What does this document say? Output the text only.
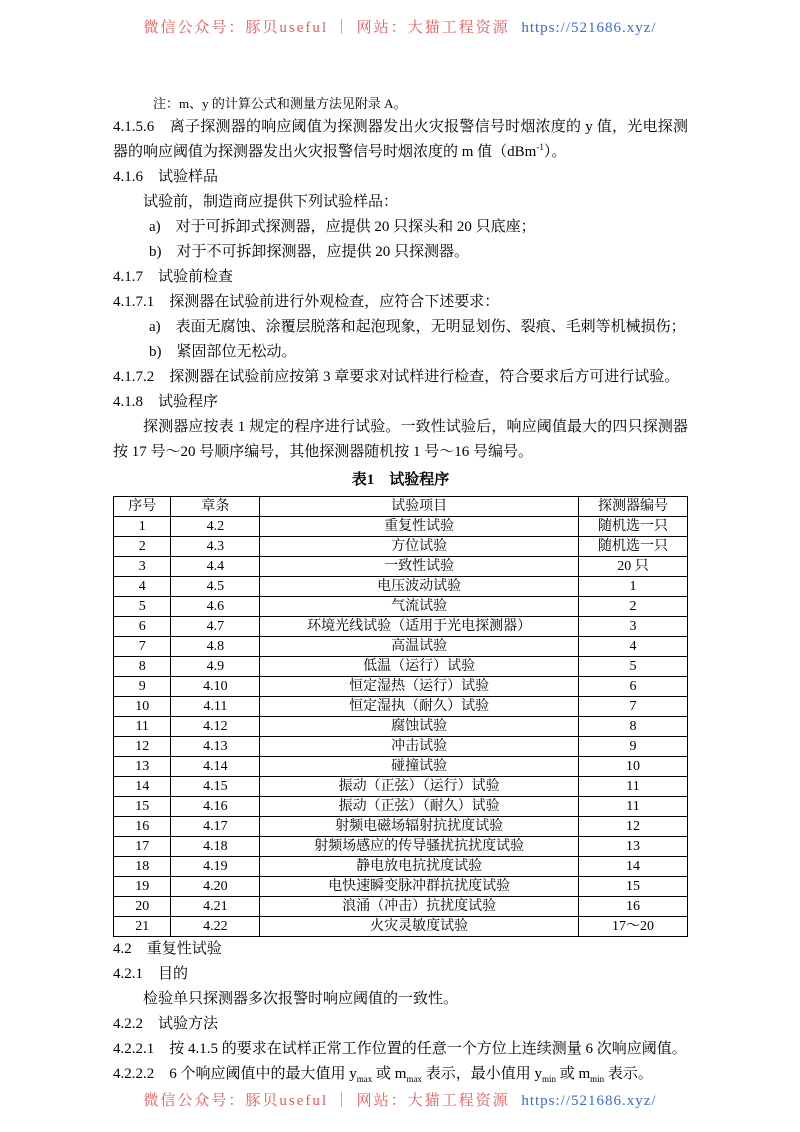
微信公众号：豚贝useful ｜ 网站：大猫工程资源 https://521686.xyz/

注：m、y 的计算公式和测量方法见附录 A。

4.1.5.6　离子探测器的响应阈值为探测器发出火灾报警信号时烟浓度的 y 值，光电探测器的响应阈值为探测器发出火灾报警信号时烟浓度的 m 值（dBm$^{-1}$）。

4.1.6　试验样品

试验前，制造商应提供下列试验样品：

a)　对于可拆卸式探测器，应提供 20 只探头和 20 只底座；

b)　对于不可拆卸探测器，应提供 20 只探测器。

4.1.7　试验前检查

4.1.7.1　探测器在试验前进行外观检查，应符合下述要求：

a)　表面无腐蚀、涂覆层脱落和起泡现象，无明显划伤、裂痕、毛刺等机械损伤；

b)　紧固部位无松动。

4.1.7.2　探测器在试验前应按第 3 章要求对试样进行检查，符合要求后方可进行试验。

4.1.8　试验程序

探测器应按表 1 规定的程序进行试验。一致性试验后，响应阈值最大的四只探测器按 17 号～20 号顺序编号，其他探测器随机按 1 号～16 号编号。

表1　试验程序

序号	章条	试验项目	探测器编号
1	4.2	重复性试验	随机选一只
2	4.3	方位试验	随机选一只
3	4.4	一致性试验	20 只
4	4.5	电压波动试验	1
5	4.6	气流试验	2
6	4.7	环境光线试验（适用于光电探测器）	3
7	4.8	高温试验	4
8	4.9	低温（运行）试验	5
9	4.10	恒定湿热（运行）试验	6
10	4.11	恒定湿执（耐久）试验	7
11	4.12	腐蚀试验	8
12	4.13	冲击试验	9
13	4.14	碰撞试验	10
14	4.15	振动（正弦）（运行）试验	11
15	4.16	振动（正弦）（耐久）试验	11
16	4.17	射频电磁场辐射抗扰度试验	12
17	4.18	射频场感应的传导骚扰抗扰度试验	13
18	4.19	静电放电抗扰度试验	14
19	4.20	电快速瞬变脉冲群抗扰度试验	15
20	4.21	浪涌（冲击）抗扰度试验	16
21	4.22	火灾灵敏度试验	17～20

4.2　重复性试验

4.2.1　目的

检验单只探测器多次报警时响应阈值的一致性。

4.2.2　试验方法

4.2.2.1　按 4.1.5 的要求在试样正常工作位置的任意一个方位上连续测量 6 次响应阈值。

4.2.2.2　6 个响应阈值中的最大值用 $y_{max}$ 或 $m_{max}$ 表示，最小值用 $y_{min}$ 或 $m_{min}$ 表示。

微信公众号：豚贝useful ｜ 网站：大猫工程资源 https://521686.xyz/
